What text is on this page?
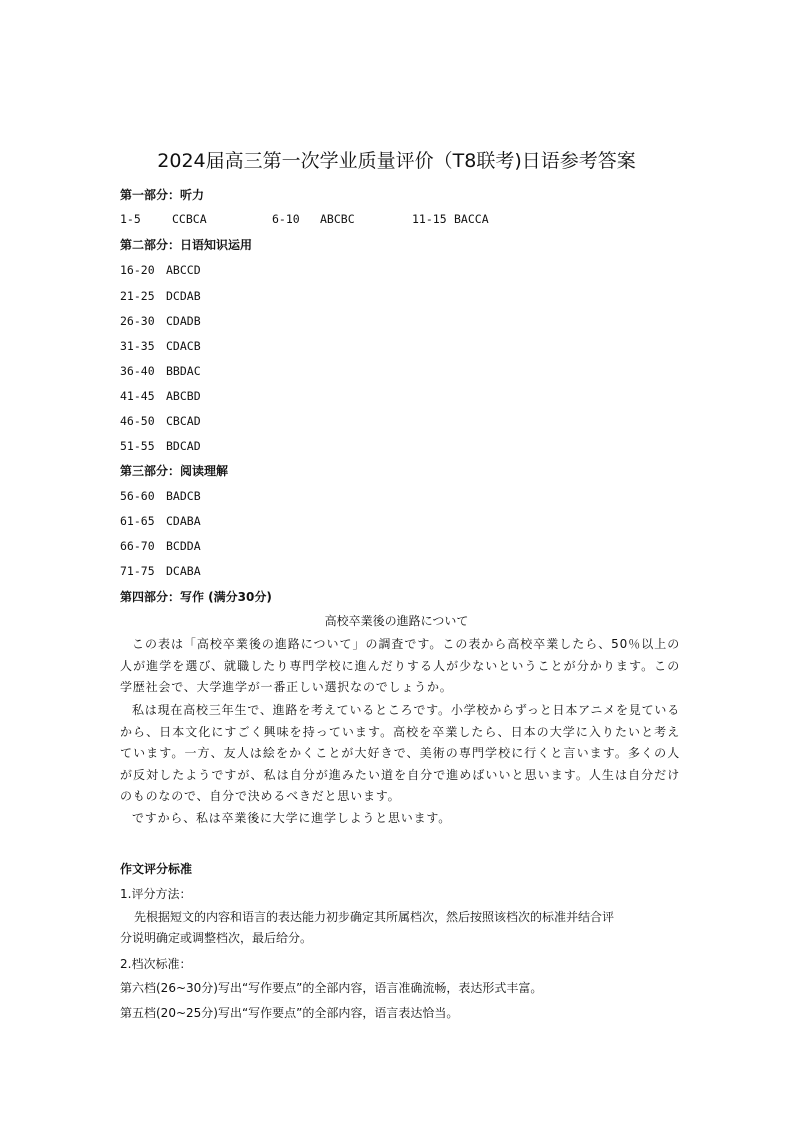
2024届高三第一次学业质量评价（T8联考)日语参考答案
第一部分：听力
1-5	CCBCA	6-10 ABCBC	11-15 BACCA
第二部分：日语知识运用
16-20 ABCCD
21-25 DCDAB
26-30 CDADB
31-35 CDACB
36-40 BBDAC
41-45 ABCBD
46-50 CBCAD
51-55 BDCAD
第三部分：阅读理解
56-60 BADCB
61-65 CDABA
66-70 BCDDA
71-75 DCABA
第四部分：写作 (满分30分)
高校卒業後の進路について
この表は「高校卒業後の進路について」の調査です。この表から高校卒業したら、50％以上の人が進学を選び、就職したり専門学校に進んだりする人が少ないということが分かります。この学歴社会で、大学進学が一番正しい選択なのでしょうか。
私は現在高校三年生で、進路を考えているところです。小学校からずっと日本アニメを見ているから、日本文化にすごく興味を持っています。高校を卒業したら、日本の大学に入りたいと考えています。一方、友人は絵をかくことが大好きで、美術の専門学校に行くと言います。多くの人が反対したようですが、私は自分が進みたい道を自分で進めばいいと思います。人生は自分だけのものなので、自分で決めるべきだと思います。
ですから、私は卒業後に大学に進学しようと思います。
作文评分标准
1.评分方法：
先根据短文的内容和语言的表达能力初步确定其所属档次，然后按照该档次的标准并结合评分说明确定或调整档次，最后给分。
2.档次标准：
第六档(26~30分)写出“写作要点”的全部内容，语言准确流畅，表达形式丰富。
第五档(20~25分)写出“写作要点”的全部内容，语言表达恰当。
